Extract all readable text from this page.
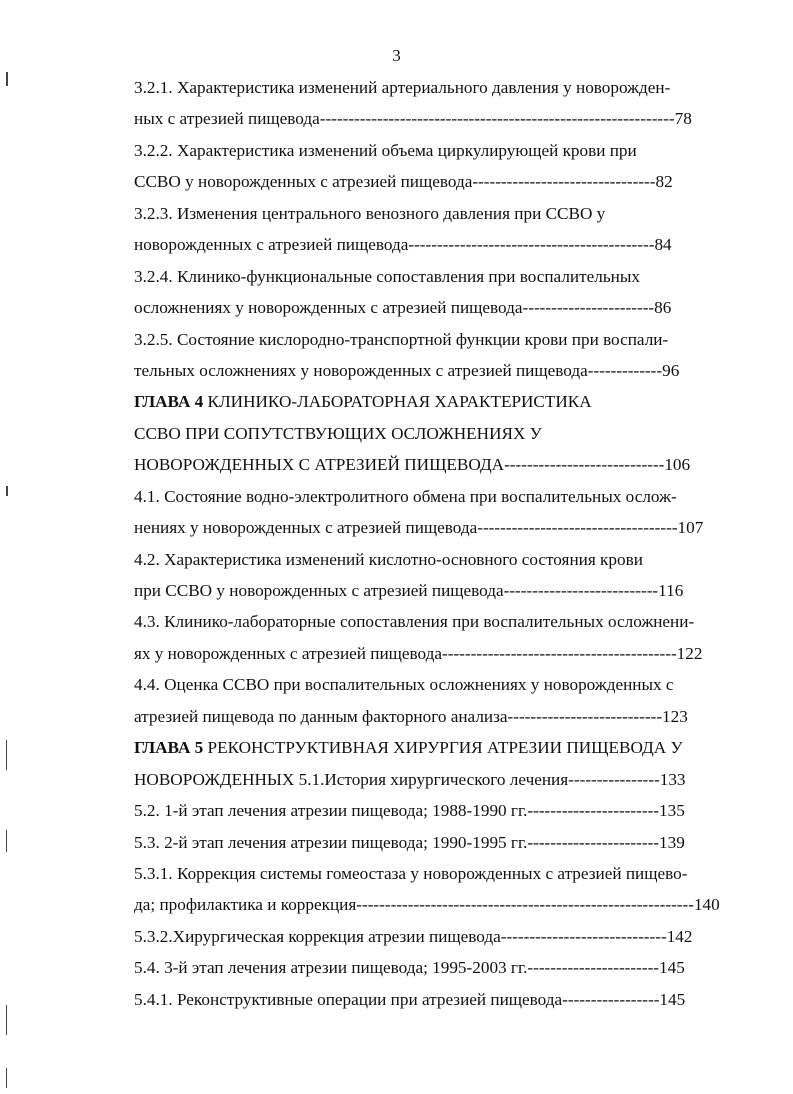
3
3.2.1. Характеристика изменений артериального давления у новорожден-
ных с атрезией пищевода--------------------------------------------------------------78
3.2.2. Характеристика изменений объема циркулирующей крови при
ССВО у новорожденных с атрезией пищевода--------------------------------82
3.2.3. Изменения центрального венозного давления при ССВО у
новорожденных с атрезией пищевода-------------------------------------------84
3.2.4. Клинико-функциональные сопоставления при воспалительных
осложнениях у новорожденных с атрезией пищевода-----------------------86
3.2.5. Состояние кислородно-транспортной функции крови при воспали-
тельных осложнениях у новорожденных с атрезией пищевода-------------96
ГЛАВА 4 КЛИНИКО-ЛАБОРАТОРНАЯ ХАРАКТЕРИСТИКА
ССВО ПРИ СОПУТСТВУЮЩИХ ОСЛОЖНЕНИЯХ У
НОВОРОЖДЕННЫХ С АТРЕЗИЕЙ ПИЩЕВОДА----------------------------106
4.1. Состояние водно-электролитного обмена при воспалительных ослож-
нениях у новорожденных с атрезией пищевода-----------------------------------107
4.2. Характеристика изменений кислотно-основного состояния крови
при ССВО у новорожденных с атрезией пищевода---------------------------116
4.3. Клинико-лабораторные сопоставления при воспалительных осложнени-
ях у новорожденных с атрезией пищевода-----------------------------------------122
4.4. Оценка ССВО при воспалительных осложнениях у новорожденных с
атрезией пищевода по данным факторного анализа---------------------------123
ГЛАВА 5 РЕКОНСТРУКТИВНАЯ ХИРУРГИЯ АТРЕЗИИ ПИЩЕВОДА У
НОВОРОЖДЕННЫХ 5.1.История хирургического лечения----------------133
5.2. 1-й этап лечения атрезии пищевода; 1988-1990 гг.-----------------------135
5.3. 2-й этап лечения атрезии пищевода; 1990-1995 гг.-----------------------139
5.3.1. Коррекция системы гомеостаза у новорожденных с атрезией пищево-
да; профилактика и коррекция-----------------------------------------------------------140
5.3.2.Хирургическая коррекция атрезии пищевода-----------------------------142
5.4. 3-й этап лечения атрезии пищевода; 1995-2003 гг.-----------------------145
5.4.1. Реконструктивные операции при атрезией пищевода-----------------145
